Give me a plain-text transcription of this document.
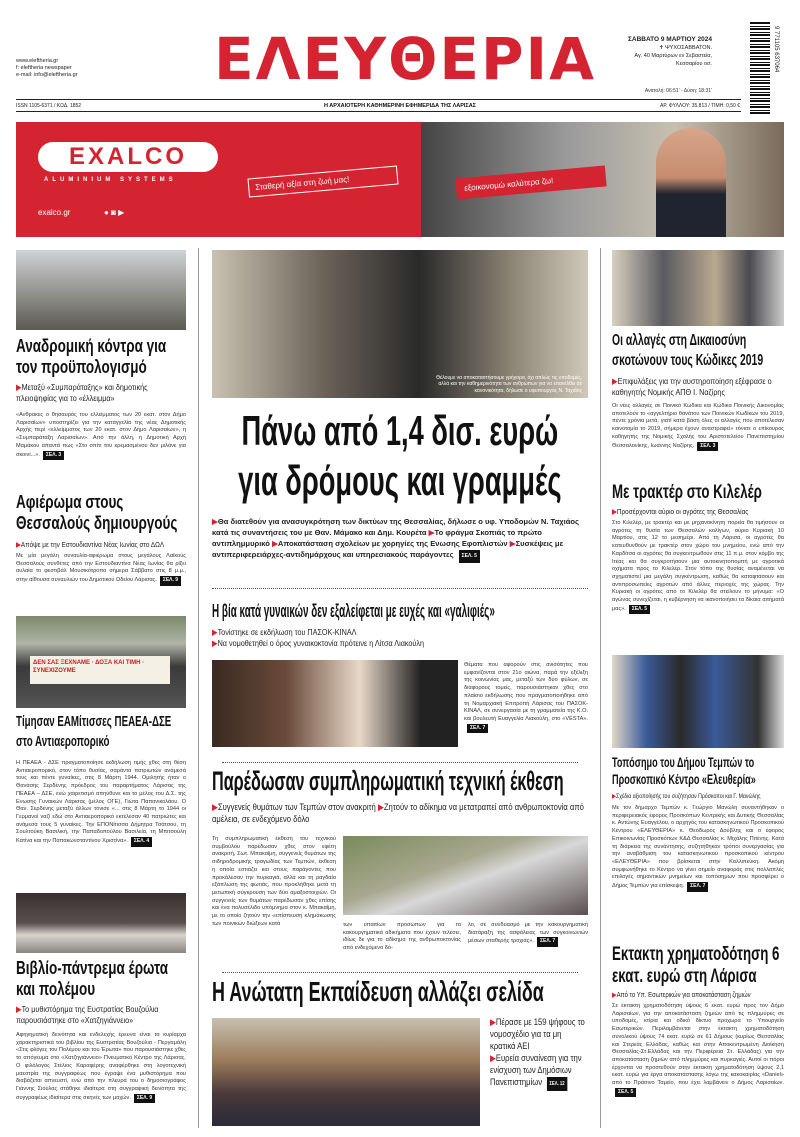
www.eleftheria.gr
f: eleftheria newspaper
e-mail: info@eleftheria.gr ΕΛΕΥΘΕΡΙΑ	ΣΑΒΒΑΤΟ 9 ΜΑΡΤΙΟΥ 2024
✝ ΨΥΧΟΣΑΒΒΑΤΟΝ.
Αγ. 40 Μαρτύρων εν Σεβαστεία,
Κεσσαρίου οσ.
Ανατολή: 06:51' - Δύση: 18:31'
9 771105 637064
ISSN 1105-6371 / ΚΩΔ. 1852	Η ΑΡΧΑΙΟΤΕΡΗ ΚΑΘΗΜΕΡΙΝΗ ΕΦΗΜΕΡΙΔΑ ΤΗΣ ΛΑΡΙΣΑΣ	ΑΡ. ΦΥΛΛΟΥ: 35.813 / ΤΙΜΗ: 0,50 €
EXALCO
ALUMINIUM SYSTEMS
exalco.gr	● ◙ ▶
Σταθερή αξία στη ζωή μας!	εξοικονομώ καλύτερα ζω!
Αναδρομική κόντρα για τον προϋπολογισμό
▶Μεταξύ «Συμπαράταξης» και δημοτικής πλειοψηφίας για το «έλλειμμα»
«Ανθρακες ο θησαυρός του ελλείμματος των 20 εκατ. στον Δήμο Λαρισαίων» υποστηρίζει για την καταγγελία της νέας Δημοτικής Αρχής περί «ελλείμματος των 20 εκατ. στον Δήμο Λαρισαίων», η «Συμπαράταξη Λαρισαίων». Από την άλλη, η Δημοτική Αρχή Μαμάκου απαντά πως «Στο σπίτι του κρεμασμένου δεν μιλάνε για σκοινί...». ΣΕΛ. 3
Αφιέρωμα στους Θεσσαλούς δημιουργούς
▶Απόψε με την Εστουδιαντίνα Νέας Ιωνίας στο ΔΩΛ
Με μία μεγάλη συναυλία-αφιέρωμα στους μεγάλους Λαϊκούς Θεσσαλούς συνθέτες από την Εστουδιαντίνα Νέας Ιωνίας θα ρίξει αυλαία το φεστιβάλ Μουσικότροπο σήμερα Σάββατο στις 8 μ.μ., στην αίθουσα συναυλιών του Δημοτικού Ωδείου Λάρισας. ΣΕΛ. 9
ΔΕΝ ΣΑΣ ΞΕΧΝΑΜΕ · ΔΟΞΑ ΚΑΙ ΤΙΜΗ · ΣΥΝΕΧΙΖΟΥΜΕ
Τίμησαν ΕΑΜίτισσες ΠΕΑΕΑ-ΔΣΕ στο Αντιαεροπορικό
Η ΠΕΑΕΑ - ΔΣΕ πραγματοποίησε εκδήλωση τιμής χθες στη θέση Αντιαεροπορικό, στον τόπο θυσίας, σαράντα πατριωτών ανάμεσά τους και πέντε γυναίκες, στις 8 Μάρτη 1944. Ομιλητής ήταν ο Θανάσης Σερδένης πρόεδρος του παραρτήματος Λάρισας της ΠΕΑΕΑ – ΔΣΕ, ενώ χαιρετισμό απηύθυνε και το μέλος του Δ.Σ. της Ενωσης Γυναικών Λάρισας (μέλος ΟΓΕ), Γιώτα Παπανικολάου. Ο Θαν. Σερδένης μεταξύ άλλων τόνισε «... στις 8 Μάρτη το 1944 οι Γερμανοί ναζί εδώ στο Αντιαεροπορικό εκτέλεσαν 40 πατριώτες και ανάμεσά τους 5 γυναίκες. Την ΕΠΟΝίτισσα Δήμητρα Τσάτσου, τη Σουλτούκη Βασιλική, την Παπαδοπούλου Βασιλεία, τη Μπιτσούλη Κατίνα και την Παπακωνσταντίνου Χριστίνα». ΣΕΛ. 4
Βιβλίο-πάντρεμα έρωτα και πολέμου
▶Το μυθιστόρημα της Ευστρατίας Βουζούλια παρουσιάστηκε στο «Χατζηγιάννειο»
Αφηγηματική δεινότητα και ενδελεχής έρευνα είναι τα κυρίαρχα χαρακτηριστικά του βιβλίου της Ευστρατίας Βουζούλια - Περγαμάλη «Στις φλόγες του Πολέμου και του Έρωτα» που παρουσιάστηκε χθες το απόγευμα στο «Χατζηγιάννειο» Πνευματικό Κέντρο της Λάρισας. Ο φιλόλογος Στέλιος Καραφέρης αναφέρθηκε στη λογοτεχνική μαεστρία της συγγραφέως που έγραψε ένα μυθιστόρημα που διαβάζεται απνευστί, ενώ από την πλευρά του ο δημοσιογράφος Γιάννης Σιούλας στάθηκε ιδιαίτερα στη συγγραφική δεινότητα της συγγραφέως ιδιαίτερα στις σκηνές των μαχών. ΣΕΛ. 9
Θέλουμε να αποκαταστήσουμε γρήγορα, όχι απλώς τις υποδομές, αλλά και την καθημερινότητα των ανθρώπων για να επανέλθει σε κανονικότητα, δήλωσε ο υφυπουργός Ν. Ταχιάος
Πάνω από 1,4 δισ. ευρώ
για δρόμους και γραμμές
▶Θα διατεθούν για ανασυγκρότηση των δικτύων της Θεσσαλίας, δήλωσε ο υφ. Υποδομών Ν. Ταχιάος κατά τις συναντήσεις του με Θαν. Μάμακο και Δημ. Κουρέτα ▶Το φράγμα Σκοπιάς το πρώτο αντιπλημμυρικό ▶Αποκατάσταση σχολείων με χορηγίες της Ενωσης Εφοπλιστών ▶Συσκέψεις με αντιπεριφερειάρχες-αντιδημάρχους και υπηρεσιακούς παράγοντες ΣΕΛ. 5
Η βία κατά γυναικών δεν εξαλείφεται με ευχές και «γαλιφιές»
▶Τονίστηκε σε εκδήλωση του ΠΑΣΟΚ-ΚΙΝΑΛ
▶Να νομοθετηθεί ο όρος γυναικοκτονία πρότεινε η Λίτσα Λιακούλη
Θέματα που αφορούν στις ανισότητες που εμφανίζονται στον 21ο αιώνα, παρά την εξέλιξη της κοινωνίας μας, μεταξύ των δύο φύλων, σε διάφορους τομείς, παρουσιάστηκαν χθες στο πλαίσιο εκδήλωσης που πραγματοποιήθηκε από τη Νομαρχιακή Επιτροπή Λάρισας του ΠΑΣΟΚ-ΚΙΝΑΛ, σε συνεργασία με τη γραμματεία της Κ.Ο. και βουλευτή Ευαγγελία Λιακούλη, στο «VESTA».ΣΕΛ. 7
Παρέδωσαν συμπληρωματική τεχνική έκθεση
▶Συγγενείς θυμάτων των Τεμπών στον ανακριτή ▶Ζητούν το αδίκημα να μετατραπεί από ανθρωποκτονία από αμέλεια, σε ενδεχόμενο δόλο
Τη συμπληρωματική έκθεση του τεχνικού συμβούλου παρέδωσαν χθες στον εφέτη ανακριτή, Σωτ. Μπακαΐμη, συγγενείς θυμάτων της σιδηροδρομικής τραγωδίας των Τεμπών, έκθεση η οποία εστιάζει και στους παράγοντες που προκάλεσαν την πυρκαγιά, αλλά και τη ραγδαία εξάπλωση της φωτιάς, που προκλήθηκε μετά τη μετωπική σύγκρουση των δύο αμαξοστοιχιών. Οι συγγενείς των θυμάτων παρέδωσαν χθες επίσης και ένα πολυσέλιδο υπόμνημα στον κ. Μπακαΐμη, με το οποίο ζητούν την «επίσπευση κλημάκωσης των ποινικών διώξεων κατά	των υπαιτίων προσώπων για τα κακουργηματικά αδικήματα που έχουν τελέσει, ιδίως δε για το αδίκημα της ανθρωποκτονίας από ενδεχόμενο δό-
λο, σε συνδυασμό με την κακουργηματική διατάραξη της ασφάλειας των συγκοινωνιών μέσων σταθερής τροχιάς». ΣΕΛ. 7
Η Ανώτατη Εκπαίδευση αλλάζει σελίδα
▶Πέρασε με 159 ψήφους το νομοσχέδιο για τα μη κρατικά ΑΕΙ
▶Ευρεία συναίνεση για την ενίσχυση των Δημόσιων Πανεπιστημίων ΣΕΛ. 12
Οι αλλαγές στη Δικαιοσύνη σκοτώνουν τους Κώδικες 2019
▶Επιφυλάξεις για την αυστηροποίηση εξέφρασε ο καθηγητής Νομικής ΑΠΘ Ι. Ναζίρης
Οι νέες αλλαγές σε Ποινικό Κώδικα και Κώδικα Ποινικής Δικονομίας αποτελούν το «αγγελτήριο θανάτου των Ποινικών Κωδίκων του 2019, πέντε χρόνια μετά, γιατί κατά βάση όλες οι αλλαγές που αποτέλεσαν καινοτομία το 2019, σήμερα έχουν αναστραφεί» τόνισε ο επίκουρος καθηγητής της Νομικής Σχολής του Αριστοτελείου Πανεπιστημίου Θεσσαλονίκης, Ιωάννης Ναζίρης. ΣΕΛ. 3
Με τρακτέρ στο Κιλελέρ
▶Προσέρχονται αύριο οι αγρότες της Θεσσαλίας
Στο Κιλελέρ, με τρακτέρ και με μηχανοκίνητη πορεία θα τιμήσουν οι αγρότες τη θυσία των Θεσσαλών κολίγων, αύριο Κυριακή 10 Μαρτίου, στις 12 το μεσημέρι. Από τη Λάρισα, οι αγρότες θα κατευθυνθούν με τρακτέρ στον χώρο του μνημείου, ενώ από την Καρδίτσα οι αγρότες θα συγκεντρωθούν στις 11 π.μ. στον κόμβο της Ιτέας και θα συγκροτήσουν μια αυτοκινητοπομπή με αγροτικά οχήματα προς το Κιλελέρ. Στον τόπο της θυσίας αναμένεται να σχηματιστεί μια μεγάλη συγκέντρωση, καθώς θα καταφτάσουν και αντιπροσωπείες αγροτών από άλλες περιοχές της χώρας. Την Κυριακή οι αγρότες από το Κιλελέρ θα στείλουν το μήνυμα: «Ο αγώνας συνεχίζεται, η κυβέρνηση να ικανοποιήσει τα δίκαια αιτήματά μας». ΣΕΛ. 5
Τοπόσημο του Δήμου Τεμπών το Προσκοπικό Κέντρο «Ελευθερία»
▶Σχέδια αξιοποίησής του συζήτησαν Πρόσκοποι και Γ. Μανώλης
Με τον δήμαρχο Τεμπών κ. Γεώργιο Μανώλη συναντήθηκαν ο περιφερειακός έφορος Προσκόπων Κεντρικής και Δυτικής Θεσσαλίας κ. Αντώνης Ευαγγέλου, ο αρχηγός του κατασκηνωτικού Προσκοπικού Κέντρου «ΕΛΕΥΘΕΡΙΑ» κ. Θεόδωρος Δούβλης και ο έφορος Επικοινωνίας Προσκόπων Κ&Δ Θεσσαλίας κ. Μιχάλης Πιτένης. Κατά τη διάρκεια της συνάντησης, συζητήθηκαν τρόποι συνεργασίας για την αναβάθμιση του κατασκηνωτικού προσκοπικού κέντρου «ΕΛΕΥΘΕΡΙΑ» που βρίσκεται στην Καλλιπεύκη. Ακόμη συμφωνήθηκε το Κέντρο να γίνει σημείο αναφοράς στις πολλαπλές επιλογές σημαντικών μνημείων και τοπόσημων που προσφέρει ο Δήμος Τεμπών για επίσκεψη. ΣΕΛ. 7
Εκτακτη χρηματοδότηση 6 εκατ. ευρώ στη Λάρισα
▶Από το Υπ. Εσωτερικών για αποκατάσταση ζημιών
Σε έκτακτη χρηματοδότηση ύψους 6 εκατ. ευρώ προς τον Δήμο Λαρισαίων, για την αποκατάσταση ζημιών από τις πλημμύρες σε υποδομές, κτίρια και οδικό δίκτυο προχωρά το Υπουργείο Εσωτερικών. Περιλαμβάνεται στην έκτακτη χρηματοδότηση συνολικού ύψους 74 εκατ. ευρώ σε 61 Δήμους (κυρίως Θεσσαλίας και Στερεάς Ελλάδας, καθώς και στην Αποκεντρωμένη Διοίκηση Θεσσαλίας-Στ.Ελλάδας και την Περιφέρεια Στ. Ελλάδας) για την αποκατάσταση ζημιών από πλημμύρες και πυρκαγιές. Αυτοί οι πόροι έρχονται να προστεθούν στην έκτακτη χρηματοδότηση ύψους 2,1 εκατ. ευρώ για έργα αποκατάστασης λόγω της κακοκαιρίας «Daniel» από το Πράσινο Ταμείο, που έχει λαμβάνειν ο Δήμος Λαρισαίων.ΣΕΛ. 5
